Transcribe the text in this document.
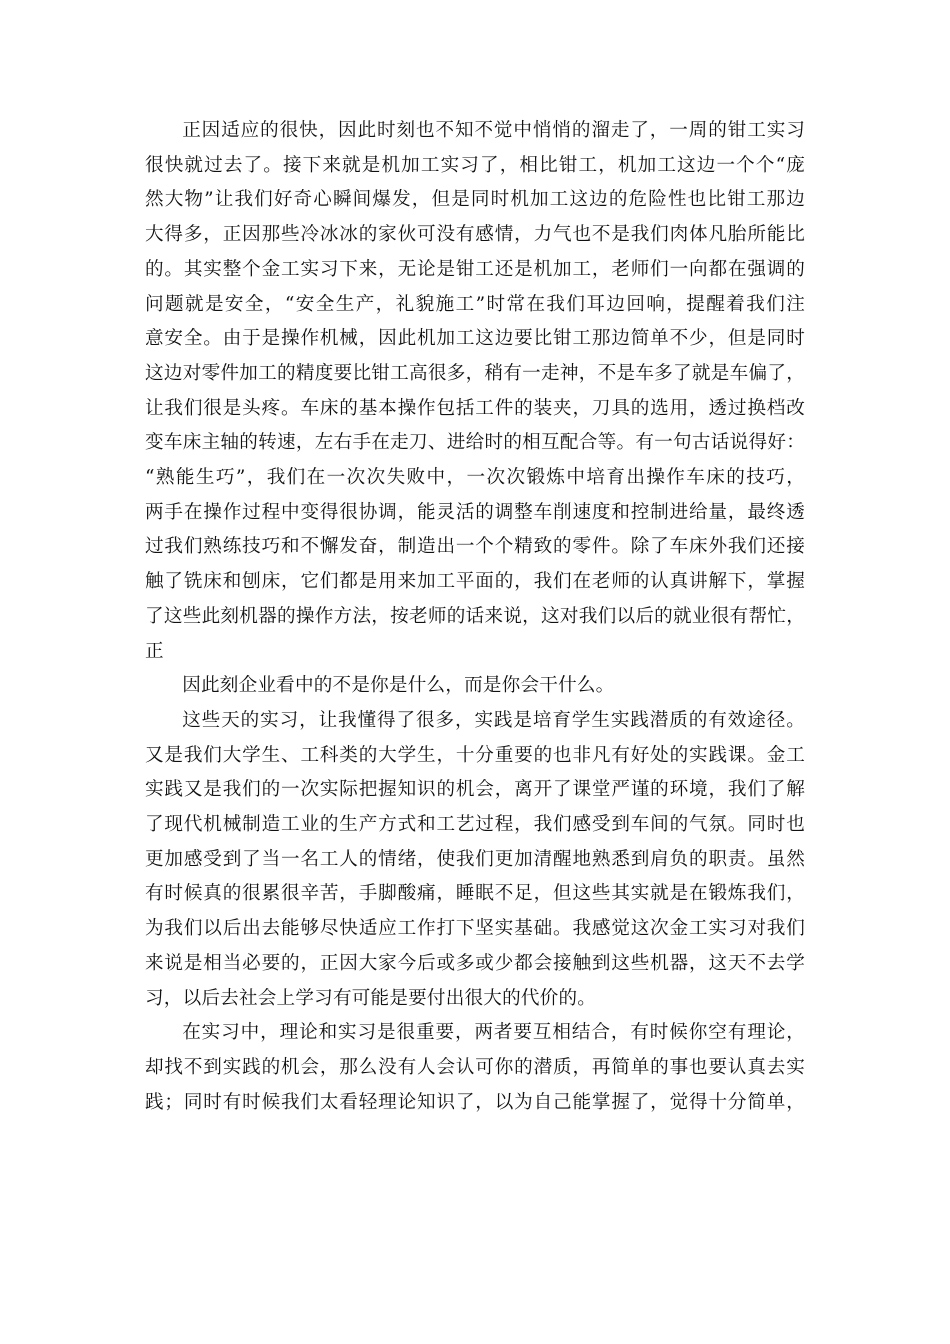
正因适应的很快，因此时刻也不知不觉中悄悄的溜走了，一周的钳工实习
很快就过去了。接下来就是机加工实习了，相比钳工，机加工这边一个个“庞
然大物”让我们好奇心瞬间爆发，但是同时机加工这边的危险性也比钳工那边
大得多，正因那些冷冰冰的家伙可没有感情，力气也不是我们肉体凡胎所能比
的。其实整个金工实习下来，无论是钳工还是机加工，老师们一向都在强调的
问题就是安全，“安全生产，礼貌施工”时常在我们耳边回响，提醒着我们注
意安全。由于是操作机械，因此机加工这边要比钳工那边简单不少，但是同时
这边对零件加工的精度要比钳工高很多，稍有一走神，不是车多了就是车偏了，
让我们很是头疼。车床的基本操作包括工件的装夹，刀具的选用，透过换档改
变车床主轴的转速，左右手在走刀、进给时的相互配合等。有一句古话说得好：
“熟能生巧”，我们在一次次失败中，一次次锻炼中培育出操作车床的技巧，
两手在操作过程中变得很协调，能灵活的调整车削速度和控制进给量，最终透
过我们熟练技巧和不懈发奋，制造出一个个精致的零件。除了车床外我们还接
触了铣床和刨床，它们都是用来加工平面的，我们在老师的认真讲解下，掌握
了这些此刻机器的操作方法，按老师的话来说，这对我们以后的就业很有帮忙，
正
因此刻企业看中的不是你是什么，而是你会干什么。
这些天的实习，让我懂得了很多，实践是培育学生实践潜质的有效途径。
又是我们大学生、工科类的大学生，十分重要的也非凡有好处的实践课。金工
实践又是我们的一次实际把握知识的机会，离开了课堂严谨的环境，我们了解
了现代机械制造工业的生产方式和工艺过程，我们感受到车间的气氛。同时也
更加感受到了当一名工人的情绪，使我们更加清醒地熟悉到肩负的职责。虽然
有时候真的很累很辛苦，手脚酸痛，睡眠不足，但这些其实就是在锻炼我们，
为我们以后出去能够尽快适应工作打下坚实基础。我感觉这次金工实习对我们
来说是相当必要的，正因大家今后或多或少都会接触到这些机器，这天不去学
习，以后去社会上学习有可能是要付出很大的代价的。
在实习中，理论和实习是很重要，两者要互相结合，有时候你空有理论，
却找不到实践的机会，那么没有人会认可你的潜质，再简单的事也要认真去实
践；同时有时候我们太看轻理论知识了，以为自己能掌握了，觉得十分简单，
